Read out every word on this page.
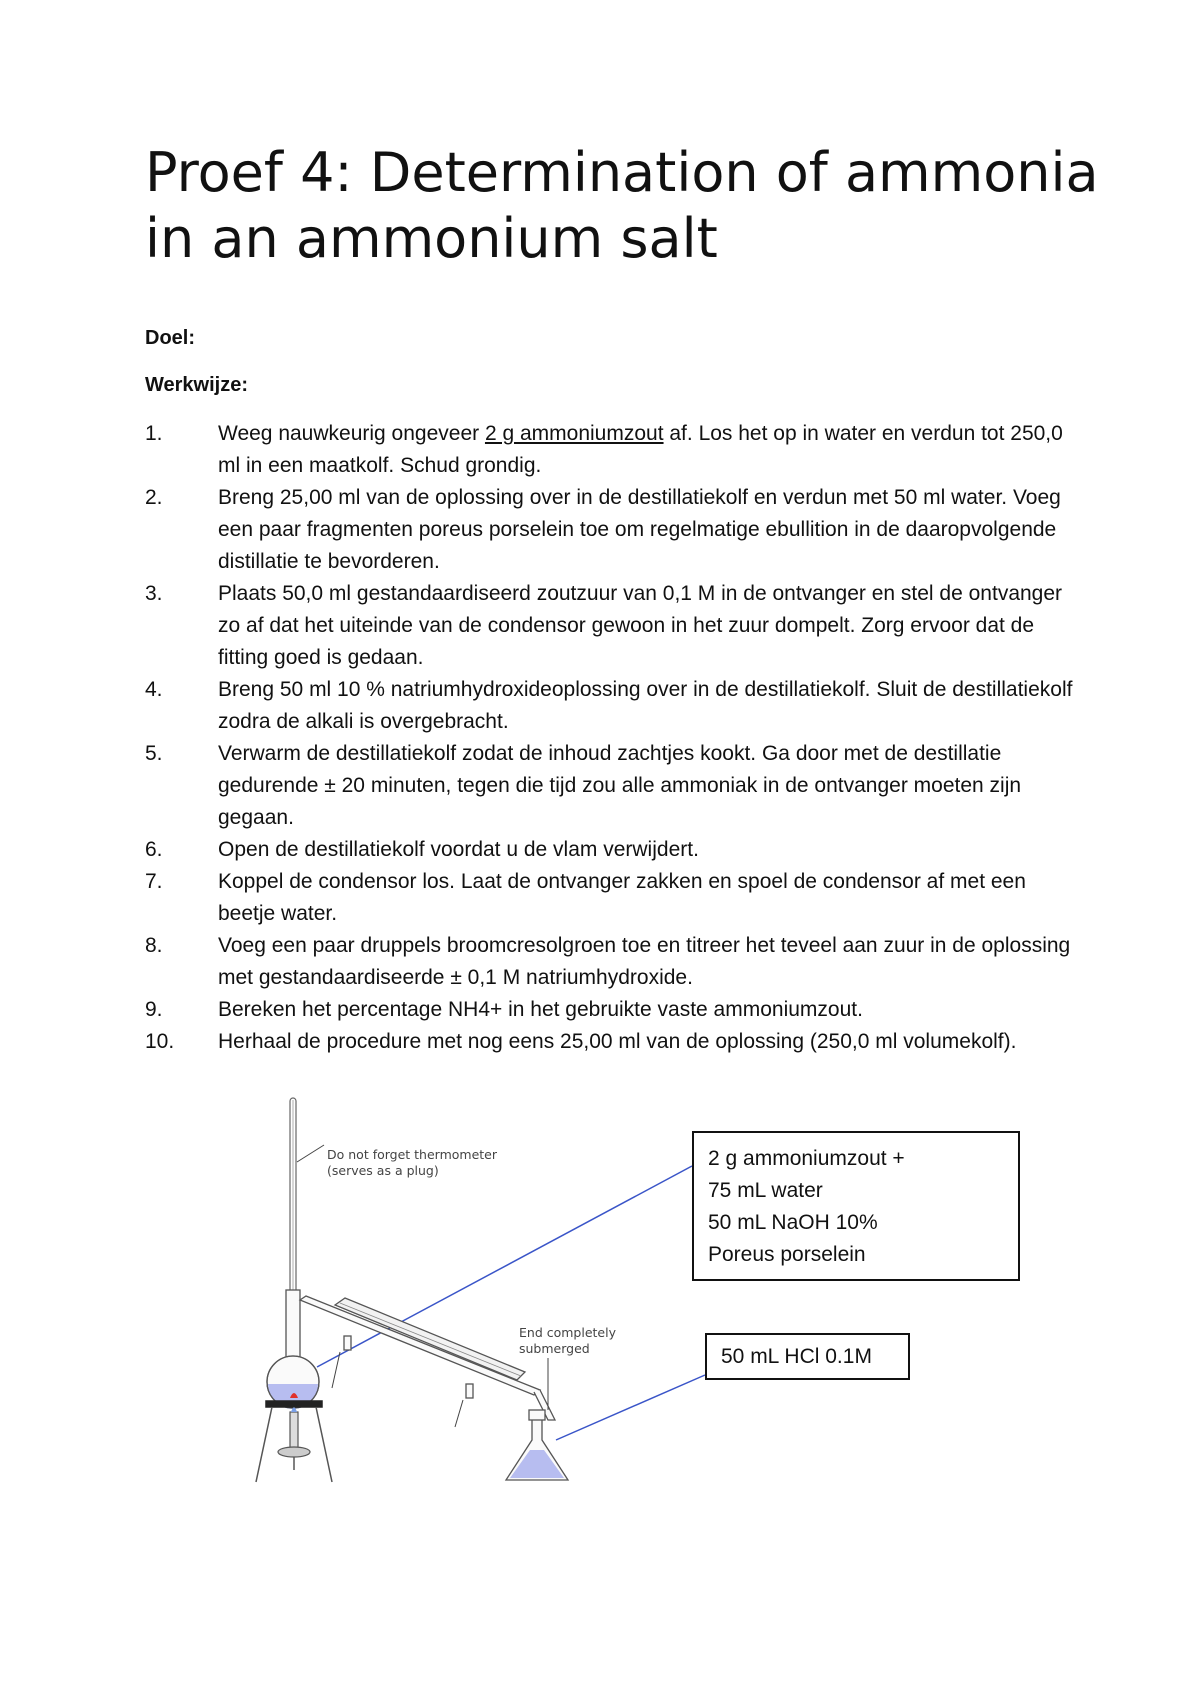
Proef 4: Determination of ammonia in an ammonium salt
Doel:
Werkwijze:
1.	Weeg nauwkeurig ongeveer 2 g ammoniumzout af. Los het op in water en verdun tot 250,0 ml in een maatkolf. Schud grondig.
2.	Breng 25,00 ml van de oplossing over in de destillatiekolf en verdun met 50 ml water. Voeg een paar fragmenten poreus porselein toe om regelmatige ebullition in de daaropvolgende distillatie te bevorderen.
3.	Plaats 50,0 ml gestandaardiseerd zoutzuur van 0,1 M in de ontvanger en stel de ontvanger zo af dat het uiteinde van de condensor gewoon in het zuur dompelt. Zorg ervoor dat de fitting goed is gedaan.
4.	Breng 50 ml 10 % natriumhydroxideoplossing over in de destillatiekolf. Sluit de destillatiekolf zodra de alkali is overgebracht.
5.	Verwarm de destillatiekolf zodat de inhoud zachtjes kookt. Ga door met de destillatie gedurende ± 20 minuten, tegen die tijd zou alle ammoniak in de ontvanger moeten zijn gegaan.
6.	Open de destillatiekolf voordat u de vlam verwijdert.
7.	Koppel de condensor los. Laat de ontvanger zakken en spoel de condensor af met een beetje water.
8.	Voeg een paar druppels broomcresolgroen toe en titreer het teveel aan zuur in de oplossing met gestandaardiseerde ± 0,1 M natriumhydroxide.
9.	Bereken het percentage NH4+ in het gebruikte vaste ammoniumzout.
10. Herhaal de procedure met nog eens 25,00 ml van de oplossing (250,0 ml volumekolf).
Do not forget thermometer
(serves as a plug)
End completely
submerged
2 g ammoniumzout +
75 mL water
50 mL NaOH 10%
Poreus porselein
50 mL HCl 0.1M
